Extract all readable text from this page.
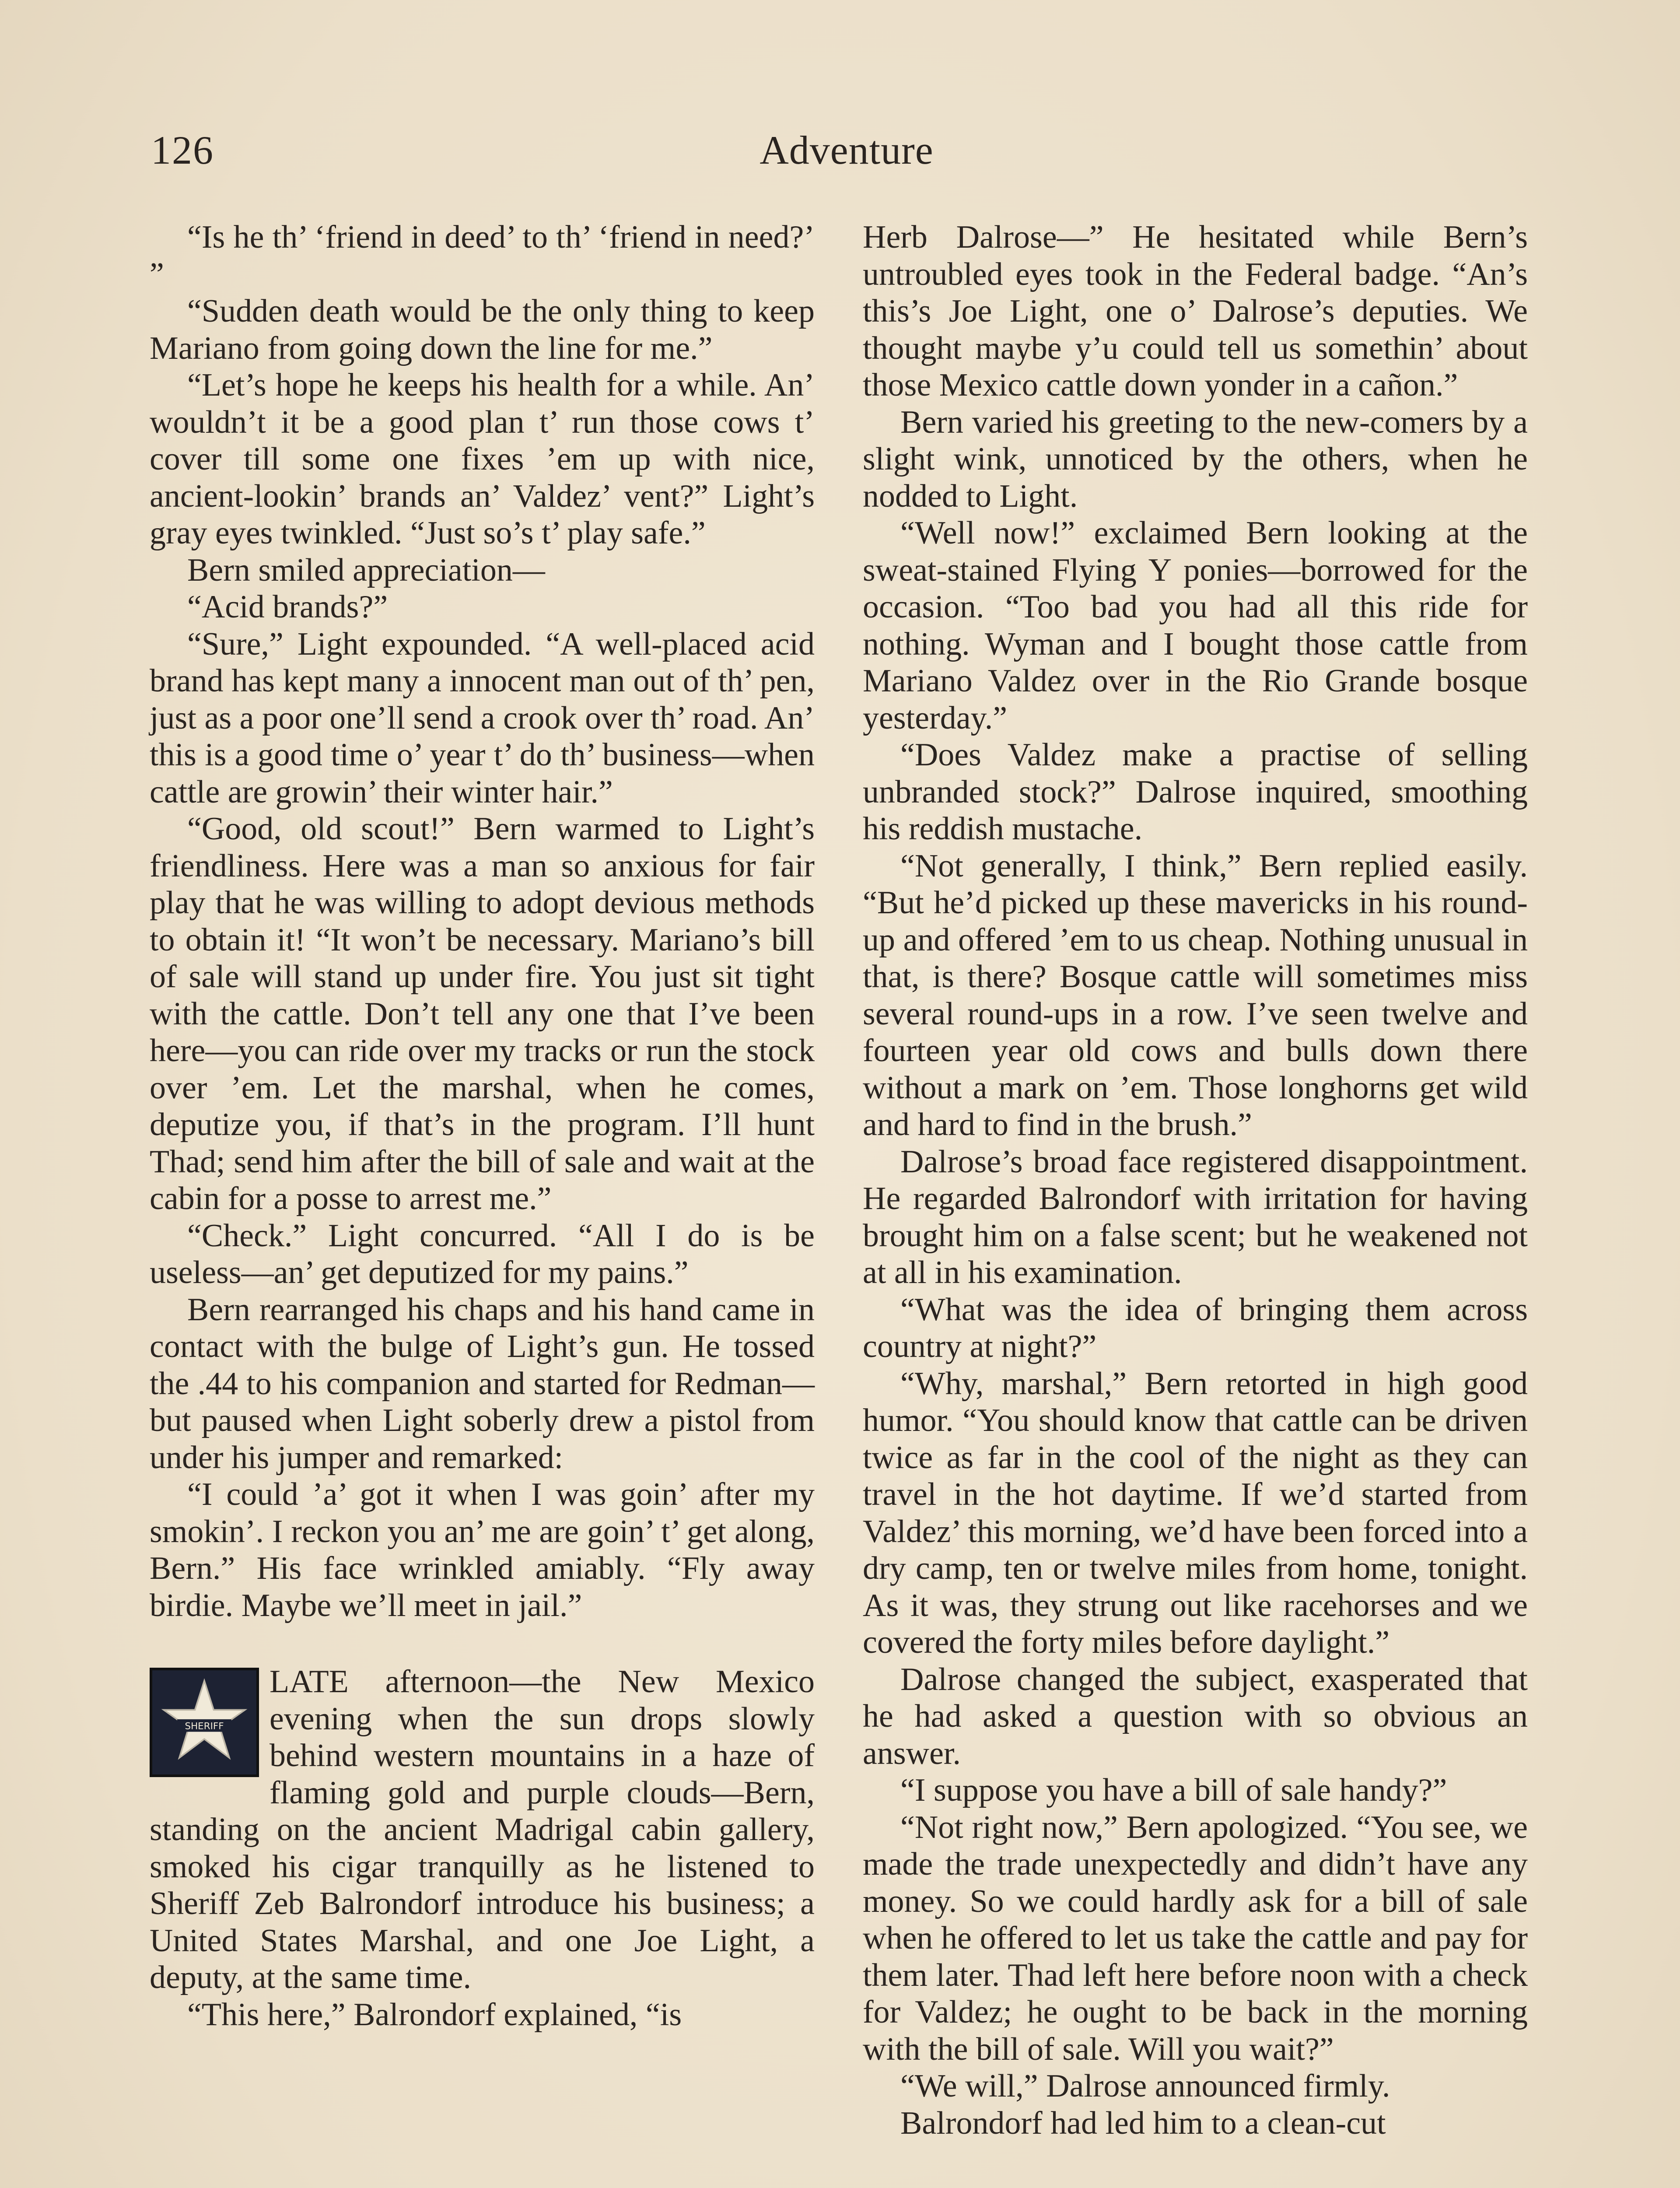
126	Adventure

“Is he th’ ‘friend in deed’ to th’ ‘friend in need?’ ”

“Sudden death would be the only thing to keep Mariano from going down the line for me.”

“Let’s hope he keeps his health for a while. An’ wouldn’t it be a good plan t’ run those cows t’ cover till some one fixes ’em up with nice, ancient-lookin’ brands an’ Valdez’ vent?” Light’s gray eyes twinkled. “Just so’s t’ play safe.”

Bern smiled appreciation—

“Acid brands?”

“Sure,” Light expounded. “A well-placed acid brand has kept many a innocent man out of th’ pen, just as a poor one’ll send a crook over th’ road. An’ this is a good time o’ year t’ do th’ business—when cattle are growin’ their winter hair.”

“Good, old scout!” Bern warmed to Light’s friendliness. Here was a man so anxious for fair play that he was willing to adopt devious methods to obtain it! “It won’t be necessary. Mariano’s bill of sale will stand up under fire. You just sit tight with the cattle. Don’t tell any one that I’ve been here—you can ride over my tracks or run the stock over ’em. Let the marshal, when he comes, deputize you, if that’s in the program. I’ll hunt Thad; send him after the bill of sale and wait at the cabin for a posse to arrest me.”

“Check.” Light concurred. “All I do is be useless—an’ get deputized for my pains.”

Bern rearranged his chaps and his hand came in contact with the bulge of Light’s gun. He tossed the .44 to his companion and started for Redman—but paused when Light soberly drew a pistol from under his jumper and remarked:

“I could ’a’ got it when I was goin’ after my smokin’. I reckon you an’ me are goin’ t’ get along, Bern.” His face wrinkled amiably. “Fly away birdie. Maybe we’ll meet in jail.”

SHERIFF

LATE afternoon—the New Mexico evening when the sun drops slowly behind western mountains in a haze of flaming gold and purple clouds—Bern, standing on the ancient Madrigal cabin gallery, smoked his cigar tranquilly as he listened to Sheriff Zeb Balrondorf introduce his business; a United States Marshal, and one Joe Light, a deputy, at the same time.

“This here,” Balrondorf explained, “is

Herb Dalrose—” He hesitated while Bern’s untroubled eyes took in the Federal badge. “An’s this’s Joe Light, one o’ Dalrose’s deputies. We thought maybe y’u could tell us somethin’ about those Mexico cattle down yonder in a cañon.”

Bern varied his greeting to the new-comers by a slight wink, unnoticed by the others, when he nodded to Light.

“Well now!” exclaimed Bern looking at the sweat-stained Flying Y ponies—borrowed for the occasion. “Too bad you had all this ride for nothing. Wyman and I bought those cattle from Mariano Valdez over in the Rio Grande bosque yesterday.”

“Does Valdez make a practise of selling unbranded stock?” Dalrose inquired, smoothing his reddish mustache.

“Not generally, I think,” Bern replied easily. “But he’d picked up these mavericks in his round-up and offered ’em to us cheap. Nothing unusual in that, is there? Bosque cattle will sometimes miss several round-ups in a row. I’ve seen twelve and fourteen year old cows and bulls down there without a mark on ’em. Those longhorns get wild and hard to find in the brush.”

Dalrose’s broad face registered disappointment. He regarded Balrondorf with irritation for having brought him on a false scent; but he weakened not at all in his examination.

“What was the idea of bringing them across country at night?”

“Why, marshal,” Bern retorted in high good humor. “You should know that cattle can be driven twice as far in the cool of the night as they can travel in the hot daytime. If we’d started from Valdez’ this morning, we’d have been forced into a dry camp, ten or twelve miles from home, tonight. As it was, they strung out like racehorses and we covered the forty miles before daylight.”

Dalrose changed the subject, exasperated that he had asked a question with so obvious an answer.

“I suppose you have a bill of sale handy?”

“Not right now,” Bern apologized. “You see, we made the trade unexpectedly and didn’t have any money. So we could hardly ask for a bill of sale when he offered to let us take the cattle and pay for them later. Thad left here before noon with a check for Valdez; he ought to be back in the morning with the bill of sale. Will you wait?”

“We will,” Dalrose announced firmly.

Balrondorf had led him to a clean-cut
